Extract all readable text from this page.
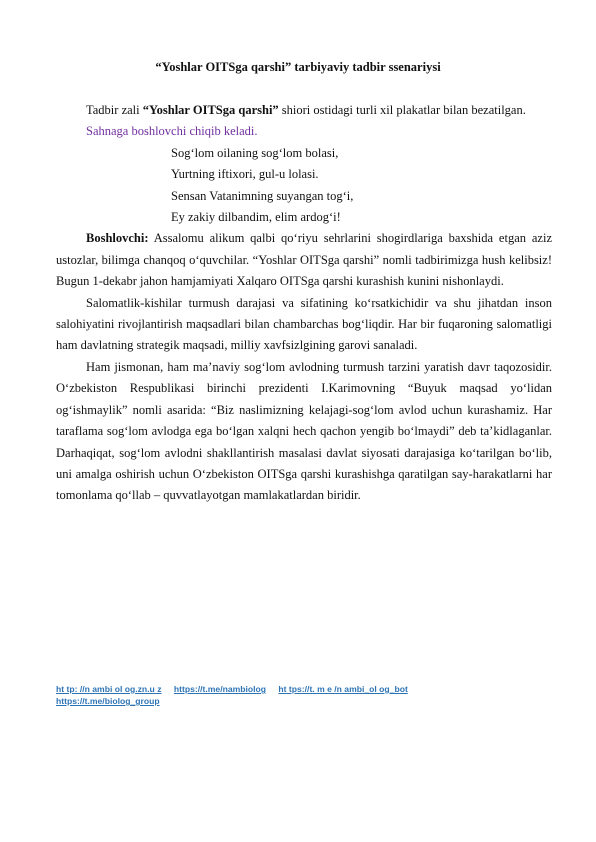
“Yoshlar OITSga qarshi” tarbiyaviy tadbir ssenariysi

Tadbir zali “Yoshlar OITSga qarshi” shiori ostidagi turli xil plakatlar bilan bezatilgan.

Sahnaga boshlovchi chiqib keladi.

Sog‘lom oilaning sog‘lom bolasi,

Yurtning iftixori, gul-u lolasi.

Sensan Vatanimning suyangan tog‘i,

Ey zakiy dilbandim, elim ardog‘i!

Boshlovchi: Assalomu alikum qalbi qo‘riyu sehrlarini shogirdlariga baxshida etgan aziz ustozlar, bilimga chanqoq o‘quvchilar. “Yoshlar OITSga qarshi” nomli tadbirimizga hush kelibsiz! Bugun 1-dekabr jahon hamjamiyati Xalqaro OITSga qarshi kurashish kunini nishonlaydi.

Salomatlik-kishilar turmush darajasi va sifatining ko‘rsatkichidir va shu jihatdan inson salohiyatini rivojlantirish maqsadlari bilan chambarchas bog‘liqdir. Har bir fuqaroning salomatligi ham davlatning strategik maqsadi, milliy xavfsizlgining garovi sanaladi.

Ham jismonan, ham ma’naviy sog‘lom avlodning turmush tarzini yaratish davr taqozosidir. O‘zbekiston Respublikasi birinchi prezidenti I.Karimovning “Buyuk maqsad yo‘lidan og‘ishmaylik” nomli asarida: “Biz naslimizning kelajagi-sog‘lom avlod uchun kurashamiz. Har taraflama sog‘lom avlodga ega bo‘lgan xalqni hech qachon yengib bo‘lmaydi” deb ta’kidlaganlar. Darhaqiqat, sog‘lom avlodni shakllantirish masalasi davlat siyosati darajasiga ko‘tarilgan bo‘lib, uni amalga oshirish uchun O‘zbekiston OITSga qarshi kurashishga qaratilgan say-harakatlarni har tomonlama qo‘llab – quvvatlayotgan mamlakatlardan biridir.

ht tp: //n ambi ol og.zn.u z https://t.me/nambiolog ht tps://t. m e /n ambi_ol og_bot
https://t.me/biolog_group
